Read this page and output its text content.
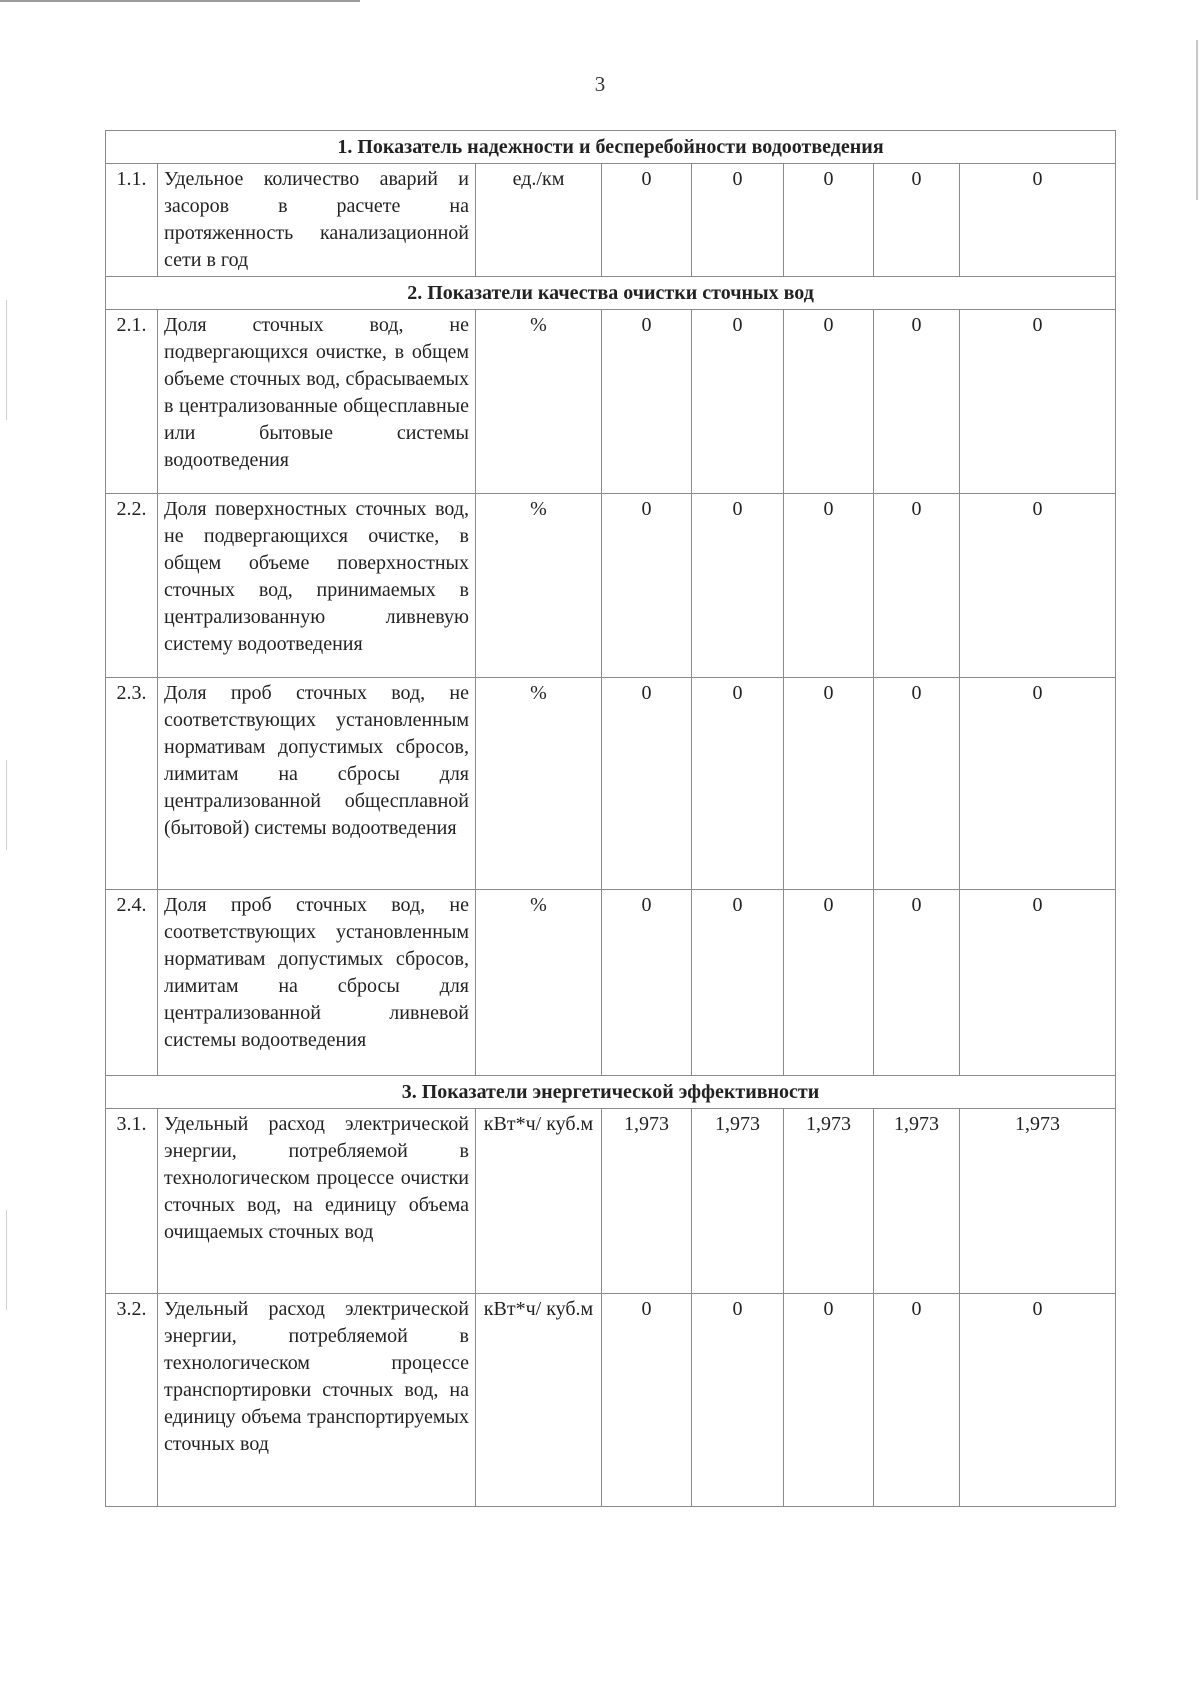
3
1. Показатель надежности и бесперебойности водоотведения							
1.1.	Удельное количество аварий и засоров в расчете на протяженность канализационной сети в год	ед./км	0	0	0	0	0
2. Показатели качества очистки сточных вод							
2.1.	Доля сточных вод, не подвергающихся очистке, в общем объеме сточных вод, сбрасываемых в централизованные общесплавные или бытовые системы водоотведения	%	0	0	0	0	0
2.2.	Доля поверхностных сточных вод, не подвергающихся очистке, в общем объеме поверхностных сточных вод, принимаемых в централизованную ливневую систему водоотведения	%	0	0	0	0	0
2.3.	Доля проб сточных вод, не соответствующих установленным нормативам допустимых сбросов, лимитам на сбросы для централизованной общесплавной (бытовой) системы водоотведения	%	0	0	0	0	0
2.4.	Доля проб сточных вод, не соответствующих установленным нормативам допустимых сбросов, лимитам на сбросы для централизованной ливневой системы водоотведения	%	0	0	0	0	0
3. Показатели энергетической эффективности							
3.1.	Удельный расход электрической энергии, потребляемой в технологическом процессе очистки сточных вод, на единицу объема очищаемых сточных вод	кВт*ч/ куб.м	1,973	1,973	1,973	1,973	1,973
3.2.	Удельный расход электрической энергии, потребляемой в технологическом процессе транспортировки сточных вод, на единицу объема транспортируемых сточных вод	кВт*ч/ куб.м	0	0	0	0	0
